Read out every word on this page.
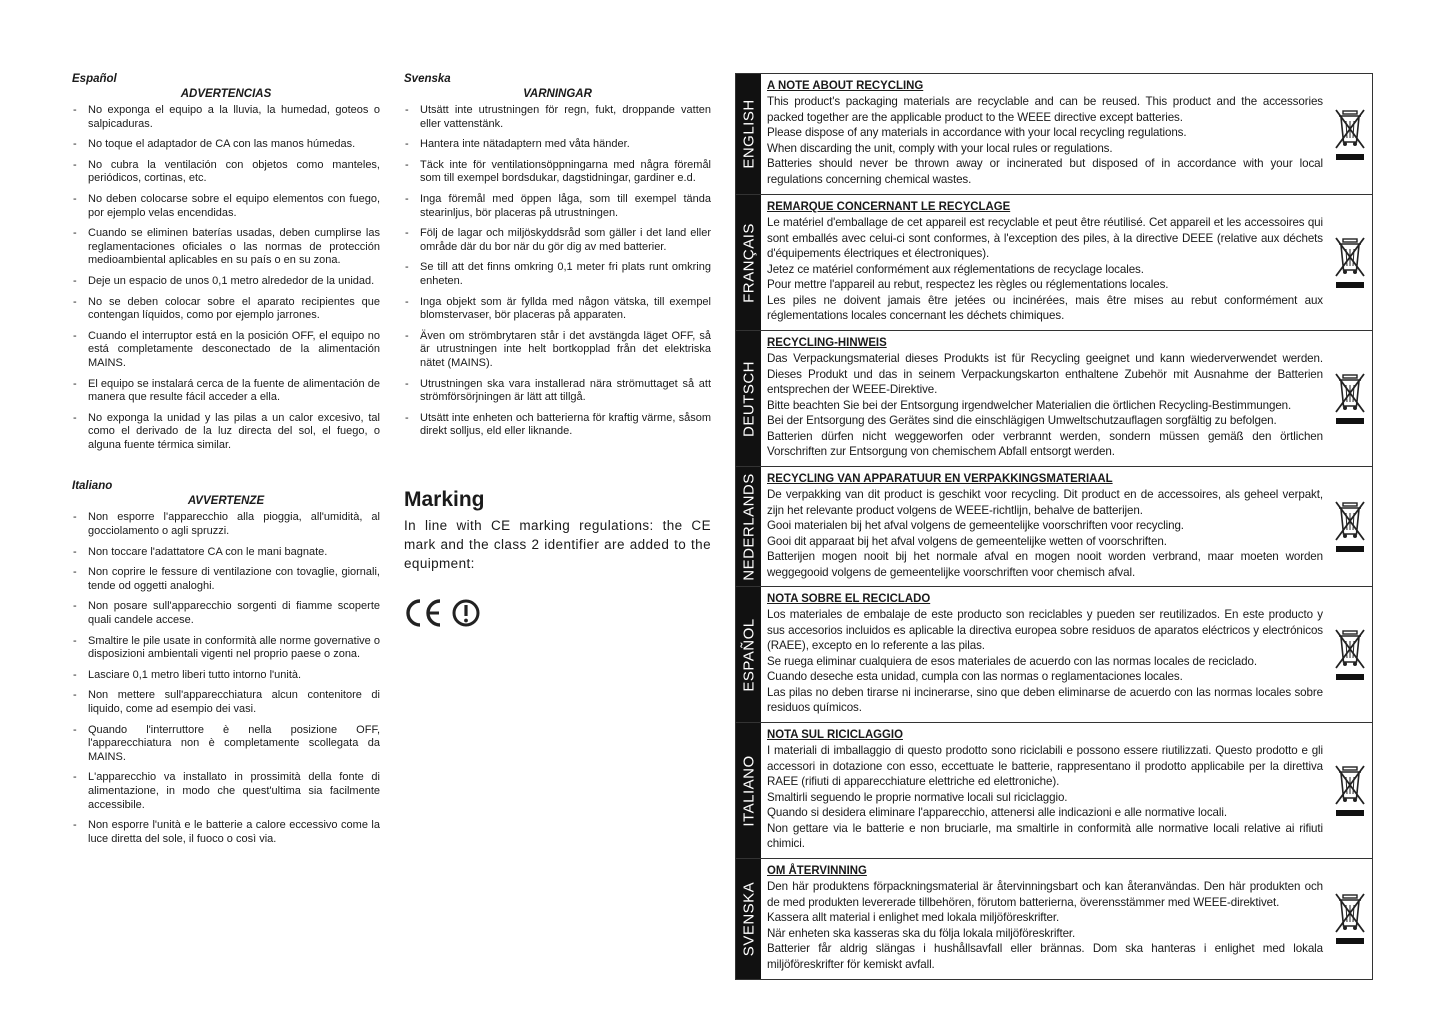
Español

ADVERTENCIAS

- No exponga el equipo a la lluvia, la humedad, goteos o salpicaduras.
- No toque el adaptador de CA con las manos húmedas.
- No cubra la ventilación con objetos como manteles, periódicos, cortinas, etc.
- No deben colocarse sobre el equipo elementos con fuego, por ejemplo velas encendidas.
- Cuando se eliminen baterías usadas, deben cumplirse las reglamentaciones oficiales o las normas de protección medioambiental aplicables en su país o en su zona.
- Deje un espacio de unos 0,1 metro alrededor de la unidad.
- No se deben colocar sobre el aparato recipientes que contengan líquidos, como por ejemplo jarrones.
- Cuando el interruptor está en la posición OFF, el equipo no está completamente desconectado de la alimentación MAINS.
- El equipo se instalará cerca de la fuente de alimentación de manera que resulte fácil acceder a ella.
- No exponga la unidad y las pilas a un calor excesivo, tal como el derivado de la luz directa del sol, el fuego, o alguna fuente térmica similar.

Italiano

AVVERTENZE

- Non esporre l'apparecchio alla pioggia, all'umidità, al gocciolamento o agli spruzzi.
- Non toccare l'adattatore CA con le mani bagnate.
- Non coprire le fessure di ventilazione con tovaglie, giornali, tende od oggetti analoghi.
- Non posare sull'apparecchio sorgenti di fiamme scoperte quali candele accese.
- Smaltire le pile usate in conformità alle norme governative o disposizioni ambientali vigenti nel proprio paese o zona.
- Lasciare 0,1 metro liberi tutto intorno l'unità.
- Non mettere sull'apparecchiatura alcun contenitore di liquido, come ad esempio dei vasi.
- Quando l'interruttore è nella posizione OFF, l'apparecchiatura non è completamente scollegata da MAINS.
- L'apparecchio va installato in prossimità della fonte di alimentazione, in modo che quest'ultima sia facilmente accessibile.
- Non esporre l'unità e le batterie a calore eccessivo come la luce diretta del sole, il fuoco o così via.

Svenska

VARNINGAR

- Utsätt inte utrustningen för regn, fukt, droppande vatten eller vattenstänk.
- Hantera inte nätadaptern med våta händer.
- Täck inte för ventilationsöppningarna med några föremål som till exempel bordsdukar, dagstidningar, gardiner e.d.
- Inga föremål med öppen låga, som till exempel tända stearinljus, bör placeras på utrustningen.
- Följ de lagar och miljöskyddsråd som gäller i det land eller område där du bor när du gör dig av med batterier.
- Se till att det finns omkring 0,1 meter fri plats runt omkring enheten.
- Inga objekt som är fyllda med någon vätska, till exempel blomstervaser, bör placeras på apparaten.
- Även om strömbrytaren står i det avstängda läget OFF, så är utrustningen inte helt bortkopplad från det elektriska nätet (MAINS).
- Utrustningen ska vara installerad nära strömuttaget så att strömförsörjningen är lätt att tillgå.
- Utsätt inte enheten och batterierna för kraftig värme, såsom direkt solljus, eld eller liknande.

Marking

In line with CE marking regulations: the CE mark and the class 2 identifier are added to the equipment:

ENGLISH

A NOTE ABOUT RECYCLING

This product's packaging materials are recyclable and can be reused. This product and the accessories packed together are the applicable product to the WEEE directive except batteries.

Please dispose of any materials in accordance with your local recycling regulations.

When discarding the unit, comply with your local rules or regulations.

Batteries should never be thrown away or incinerated but disposed of in accordance with your local regulations concerning chemical wastes.

FRANÇAIS

REMARQUE CONCERNANT LE RECYCLAGE

Le matériel d'emballage de cet appareil est recyclable et peut être réutilisé. Cet appareil et les accessoires qui sont emballés avec celui-ci sont conformes, à l'exception des piles, à la directive DEEE (relative aux déchets d'équipements électriques et électroniques).

Jetez ce matériel conformément aux réglementations de recyclage locales.

Pour mettre l'appareil au rebut, respectez les règles ou réglementations locales.

Les piles ne doivent jamais être jetées ou incinérées, mais être mises au rebut conformément aux réglementations locales concernant les déchets chimiques.

DEUTSCH

RECYCLING-HINWEIS

Das Verpackungsmaterial dieses Produkts ist für Recycling geeignet und kann wiederverwendet werden. Dieses Produkt und das in seinem Verpackungskarton enthaltene Zubehör mit Ausnahme der Batterien entsprechen der WEEE-Direktive.

Bitte beachten Sie bei der Entsorgung irgendwelcher Materialien die örtlichen Recycling-Bestimmungen.

Bei der Entsorgung des Gerätes sind die einschlägigen Umweltschutzauflagen sorgfältig zu befolgen.

Batterien dürfen nicht weggeworfen oder verbrannt werden, sondern müssen gemäß den örtlichen Vorschriften zur Entsorgung von chemischem Abfall entsorgt werden.

NEDERLANDS RECYCLING VAN APPARATUUR EN VERPAKKINGSMATERIAAL

De verpakking van dit product is geschikt voor recycling. Dit product en de accessoires, als geheel verpakt, zijn het relevante product volgens de WEEE-richtlijn, behalve de batterijen.

Gooi materialen bij het afval volgens de gemeentelijke voorschriften voor recycling.

Gooi dit apparaat bij het afval volgens de gemeentelijke wetten of voorschriften.

Batterijen mogen nooit bij het normale afval en mogen nooit worden verbrand, maar moeten worden weggegooid volgens de gemeentelijke voorschriften voor chemisch afval.

ESPAÑOL

NOTA SOBRE EL RECICLADO

Los materiales de embalaje de este producto son reciclables y pueden ser reutilizados. En este producto y sus accesorios incluidos es aplicable la directiva europea sobre residuos de aparatos eléctricos y electrónicos (RAEE), excepto en lo referente a las pilas.

Se ruega eliminar cualquiera de esos materiales de acuerdo con las normas locales de reciclado.

Cuando deseche esta unidad, cumpla con las normas o reglamentaciones locales.

Las pilas no deben tirarse ni incinerarse, sino que deben eliminarse de acuerdo con las normas locales sobre residuos químicos.

ITALIANO

NOTA SUL RICICLAGGIO

I materiali di imballaggio di questo prodotto sono riciclabili e possono essere riutilizzati. Questo prodotto e gli accessori in dotazione con esso, eccettuate le batterie, rappresentano il prodotto applicabile per la direttiva RAEE (rifiuti di apparecchiature elettriche ed elettroniche).

Smaltirli seguendo le proprie normative locali sul riciclaggio.

Quando si desidera eliminare l'apparecchio, attenersi alle indicazioni e alle normative locali.

Non gettare via le batterie e non bruciarle, ma smaltirle in conformità alle normative locali relative ai rifiuti chimici.

SVENSKA

OM ÅTERVINNING

Den här produktens förpackningsmaterial är återvinningsbart och kan återanvändas. Den här produkten och de med produkten levererade tillbehören, förutom batterierna, överensstämmer med WEEE-direktivet.

Kassera allt material i enlighet med lokala miljöföreskrifter.

När enheten ska kasseras ska du följa lokala miljöföreskrifter.

Batterier får aldrig slängas i hushållsavfall eller brännas. Dom ska hanteras i enlighet med lokala miljöföreskrifter för kemiskt avfall.
